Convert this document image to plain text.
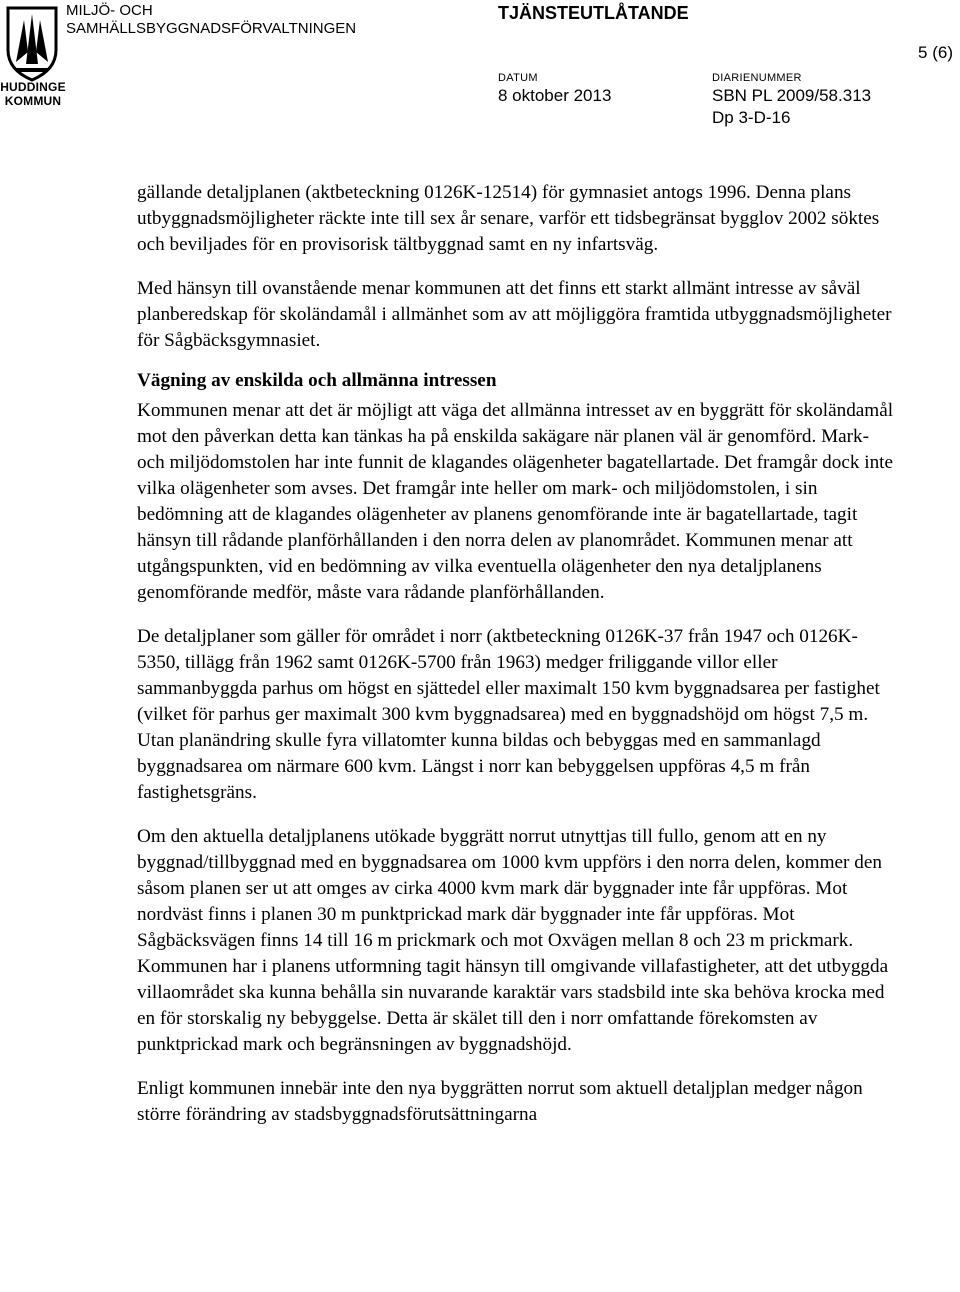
HUDDINGE
KOMMUN
MILJÖ- OCH
SAMHÄLLSBYGGNADSFÖRVALTNINGEN
TJÄNSTEUTLÅTANDE
5 (6)
DATUM
8 oktober 2013
DIARIENUMMER
SBN PL 2009/58.313
Dp 3-D-16

gällande detaljplanen (aktbeteckning 0126K-12514) för gymnasiet antogs 1996. Denna plans utbyggnadsmöjligheter räckte inte till sex år senare, varför ett tidsbegränsat bygglov 2002 söktes och beviljades för en provisorisk tältbyggnad samt en ny infartsväg.

Med hänsyn till ovanstående menar kommunen att det finns ett starkt allmänt intresse av såväl planberedskap för skoländamål i allmänhet som av att möjliggöra framtida utbyggnadsmöjligheter för Sågbäcksgymnasiet.

Vägning av enskilda och allmänna intressen

Kommunen menar att det är möjligt att väga det allmänna intresset av en byggrätt för skoländamål mot den påverkan detta kan tänkas ha på enskilda sakägare när planen väl är genomförd. Mark- och miljödomstolen har inte funnit de klagandes olägenheter bagatellartade. Det framgår dock inte vilka olägenheter som avses. Det framgår inte heller om mark- och miljödomstolen, i sin bedömning att de klagandes olägenheter av planens genomförande inte är bagatellartade, tagit hänsyn till rådande planförhållanden i den norra delen av planområdet. Kommunen menar att utgångspunkten, vid en bedömning av vilka eventuella olägenheter den nya detaljplanens genomförande medför, måste vara rådande planförhållanden.

De detaljplaner som gäller för området i norr (aktbeteckning 0126K-37 från 1947 och 0126K- 5350, tillägg från 1962 samt 0126K-5700 från 1963) medger friliggande villor eller sammanbyggda parhus om högst en sjättedel eller maximalt 150 kvm byggnadsarea per fastighet (vilket för parhus ger maximalt 300 kvm byggnadsarea) med en byggnadshöjd om högst 7,5 m. Utan planändring skulle fyra villatomter kunna bildas och bebyggas med en sammanlagd byggnadsarea om närmare 600 kvm. Längst i norr kan bebyggelsen uppföras 4,5 m från fastighetsgräns.

Om den aktuella detaljplanens utökade byggrätt norrut utnyttjas till fullo, genom att en ny byggnad/tillbyggnad med en byggnadsarea om 1000 kvm uppförs i den norra delen, kommer den såsom planen ser ut att omges av cirka 4000 kvm mark där byggnader inte får uppföras. Mot nordväst finns i planen 30 m punktprickad mark där byggnader inte får uppföras. Mot Sågbäcksvägen finns 14 till 16 m prickmark och mot Oxvägen mellan 8 och 23 m prickmark. Kommunen har i planens utformning tagit hänsyn till omgivande villafastigheter, att det utbyggda villaområdet ska kunna behålla sin nuvarande karaktär vars stadsbild inte ska behöva krocka med en för storskalig ny bebyggelse. Detta är skälet till den i norr omfattande förekomsten av punktprickad mark och begränsningen av byggnadshöjd.

Enligt kommunen innebär inte den nya byggrätten norrut som aktuell detaljplan medger någon större förändring av stadsbyggnadsförutsättningarna
